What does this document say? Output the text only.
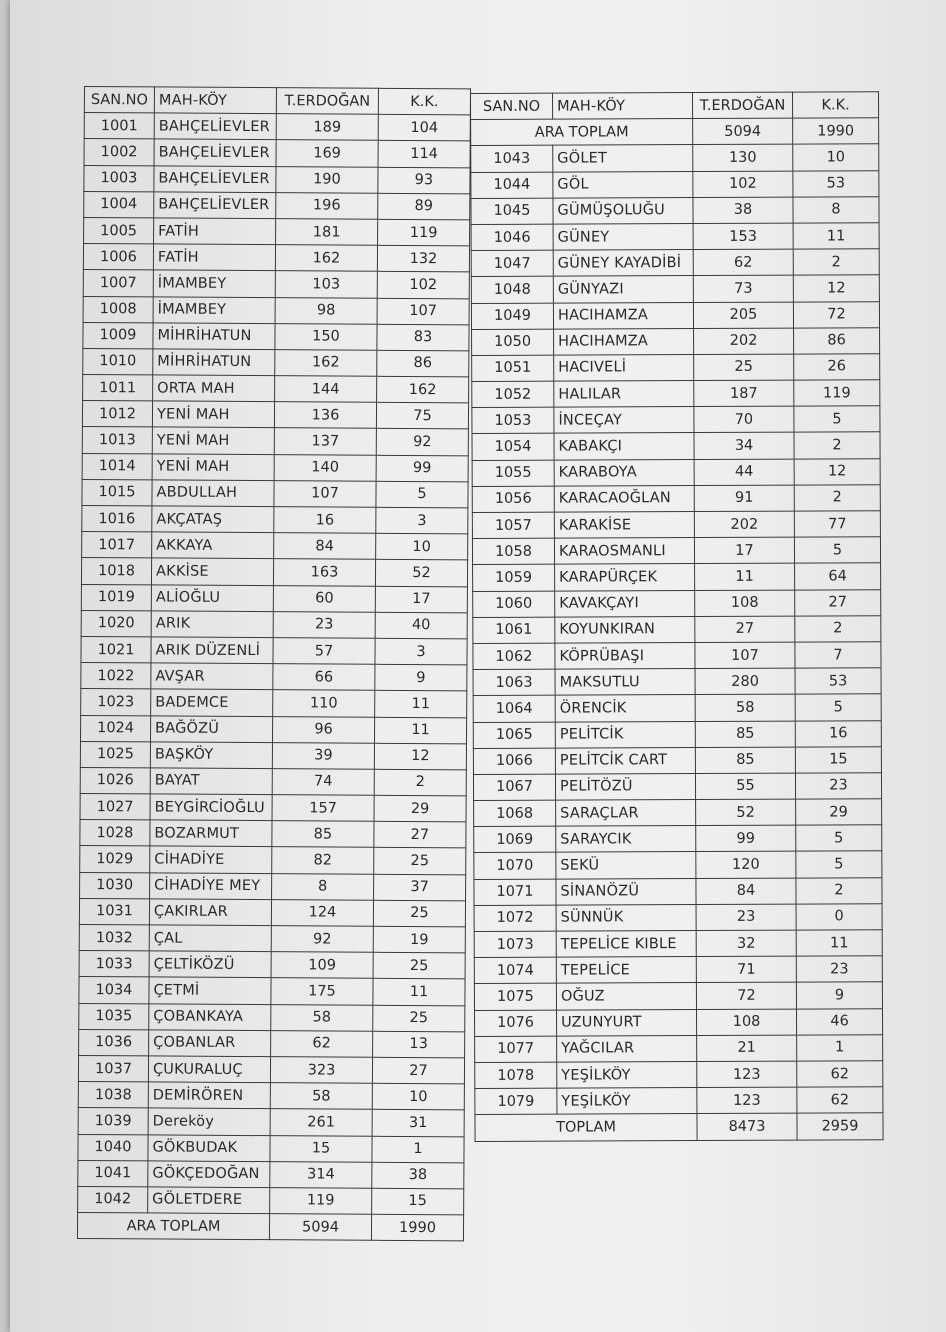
SAN.NO	MAH-KÖY	T.ERDOĞAN	K.K.
1001	BAHÇELİEVLER	189	104
1002	BAHÇELİEVLER	169	114
1003	BAHÇELİEVLER	190	93
1004	BAHÇELİEVLER	196	89
1005	FATİH	181	119
1006	FATİH	162	132
1007	İMAMBEY	103	102
1008	İMAMBEY	98	107
1009	MİHRİHATUN	150	83
1010	MİHRİHATUN	162	86
1011	ORTA MAH	144	162
1012	YENİ MAH	136	75
1013	YENİ MAH	137	92
1014	YENİ MAH	140	99
1015	ABDULLAH	107	5
1016	AKÇATAŞ	16	3
1017	AKKAYA	84	10
1018	AKKİSE	163	52
1019	ALİOĞLU	60	17
1020	ARIK	23	40
1021	ARIK DÜZENLİ	57	3
1022	AVŞAR	66	9
1023	BADEMCE	110	11
1024	BAĞÖZÜ	96	11
1025	BAŞKÖY	39	12
1026	BAYAT	74	2
1027	BEYGİRCİOĞLU	157	29
1028	BOZARMUT	85	27
1029	CİHADİYE	82	25
1030	CİHADİYE MEY	8	37
1031	ÇAKIRLAR	124	25
1032	ÇAL	92	19
1033	ÇELTİKÖZÜ	109	25
1034	ÇETMİ	175	11
1035	ÇOBANKAYA	58	25
1036	ÇOBANLAR	62	13
1037	ÇUKURALUÇ	323	27
1038	DEMİRÖREN	58	10
1039	Dereköy	261	31
1040	GÖKBUDAK	15	1
1041	GÖKÇEDOĞAN	314	38
1042	GÖLETDERE	119	15
ARA TOPLAM		5094	1990
SAN.NO	MAH-KÖY	T.ERDOĞAN	K.K.
ARA TOPLAM		5094	1990
1043	GÖLET	130	10
1044	GÖL	102	53
1045	GÜMÜŞOLUĞU	38	8
1046	GÜNEY	153	11
1047	GÜNEY KAYADİBİ	62	2
1048	GÜNYAZI	73	12
1049	HACIHAMZA	205	72
1050	HACIHAMZA	202	86
1051	HACIVELİ	25	26
1052	HALILAR	187	119
1053	İNCEÇAY	70	5
1054	KABAKÇI	34	2
1055	KARABOYA	44	12
1056	KARACAOĞLAN	91	2
1057	KARAKİSE	202	77
1058	KARAOSMANLI	17	5
1059	KARAPÜRÇEK	11	64
1060	KAVAKÇAYI	108	27
1061	KOYUNKIRAN	27	2
1062	KÖPRÜBAŞI	107	7
1063	MAKSUTLU	280	53
1064	ÖRENCİK	58	5
1065	PELİTCİK	85	16
1066	PELİTCİK CART	85	15
1067	PELİTÖZÜ	55	23
1068	SARAÇLAR	52	29
1069	SARAYCIK	99	5
1070	SEKÜ	120	5
1071	SİNANÖZÜ	84	2
1072	SÜNNÜK	23	0
1073	TEPELİCE KIBLE	32	11
1074	TEPELİCE	71	23
1075	OĞUZ	72	9
1076	UZUNYURT	108	46
1077	YAĞCILAR	21	1
1078	YEŞİLKÖY	123	62
1079	YEŞİLKÖY	123	62
TOPLAM		8473	2959
